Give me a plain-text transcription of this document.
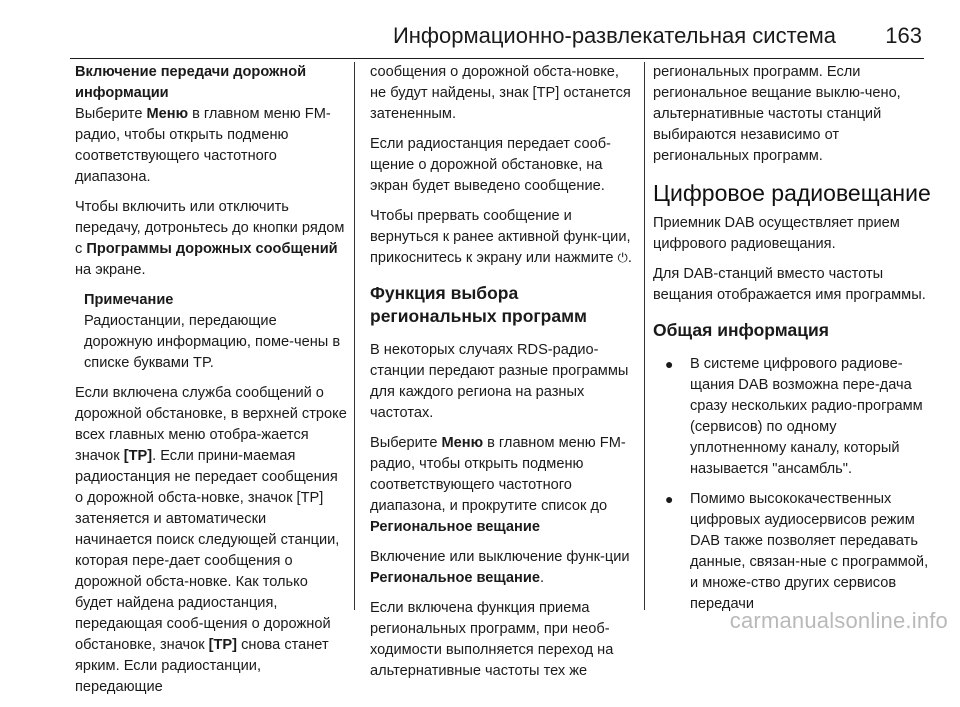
Информационно-развлекательная система 163

Включение передачи дорожной информации

Выберите Меню в главном меню FM-радио, чтобы открыть подменю соответствующего частотного диапазона.

Чтобы включить или отключить передачу, дотроньтесь до кнопки рядом с Программы дорожных сообщений на экране.

Примечание
Радиостанции, передающие дорожную информацию, поме-чены в списке буквами TP.

Если включена служба сообщений о дорожной обстановке, в верхней строке всех главных меню отобра-жается значок [TP]. Если прини-маемая радиостанция не передает сообщения о дорожной обста-новке, значок [TP] затеняется и автоматически начинается поиск следующей станции, которая пере-дает сообщения о дорожной обста-новке. Как только будет найдена радиостанция, передающая сооб-щения о дорожной обстановке, значок [TP] снова станет ярким. Если радиостанции, передающие

сообщения о дорожной обста-новке, не будут найдены, знак [TP] останется затененным.

Если радиостанция передает сооб-щение о дорожной обстановке, на экран будет выведено сообщение.

Чтобы прервать сообщение и вернуться к ранее активной функ-ции, прикоснитесь к экрану или нажмите ⏻.

Функция выбора региональных программ

В некоторых случаях RDS-радио-станции передают разные программы для каждого региона на разных частотах.

Выберите Меню в главном меню FM-радио, чтобы открыть подменю соответствующего частотного диапазона, и прокрутите список до Региональное вещание

Включение или выключение функ-ции Региональное вещание.

Если включена функция приема региональных программ, при необ-ходимости выполняется переход на альтернативные частоты тех же

региональных программ. Если региональное вещание выклю-чено, альтернативные частоты станций выбираются независимо от региональных программ.

Цифровое радиовещание

Приемник DAB осуществляет прием цифрового радиовещания.

Для DAB-станций вместо частоты вещания отображается имя программы.

Общая информация

● В системе цифрового радиове-щания DAB возможна пере-дача сразу нескольких радио-программ (сервисов) по одному уплотненному каналу, который называется "ансамбль".
● Помимо высококачественных цифровых аудиосервисов режим DAB также позволяет передавать данные, связан-ные с программой, и множе-ство других сервисов передачи
carmanualsonline.info
